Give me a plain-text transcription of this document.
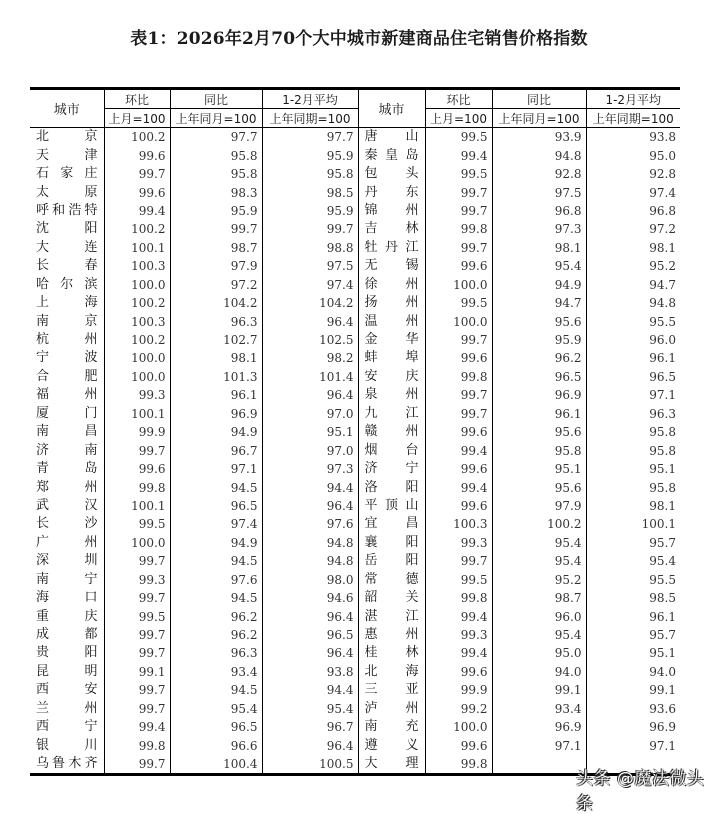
表1：2026年2月70个大中城市新建商品住宅销售价格指数
城市	环比	同比	1-2月平均	城市	环比	同比	1-2月平均
	上月=100	上年同月=100	上年同期=100		上月=100	上年同月=100	上年同期=100
北京	100.2	97.7	97.7	唐山	99.5	93.9	93.8
天津	99.6	95.8	95.9	秦皇岛	99.4	94.8	95.0
石家庄	99.7	95.8	95.8	包头	99.5	92.8	92.8
太原	99.6	98.3	98.5	丹东	99.7	97.5	97.4
呼和浩特	99.4	95.9	95.9	锦州	99.7	96.8	96.8
沈阳	100.2	99.7	99.7	吉林	99.8	97.3	97.2
大连	100.1	98.7	98.8	牡丹江	99.7	98.1	98.1
长春	100.3	97.9	97.5	无锡	99.6	95.4	95.2
哈尔滨	100.0	97.2	97.4	徐州	100.0	94.9	94.7
上海	100.2	104.2	104.2	扬州	99.5	94.7	94.8
南京	100.3	96.3	96.4	温州	100.0	95.6	95.5
杭州	100.2	102.7	102.5	金华	99.7	95.9	96.0
宁波	100.0	98.1	98.2	蚌埠	99.6	96.2	96.1
合肥	100.0	101.3	101.4	安庆	99.8	96.5	96.5
福州	99.3	96.1	96.4	泉州	99.7	96.9	97.1
厦门	100.1	96.9	97.0	九江	99.7	96.1	96.3
南昌	99.9	94.9	95.1	赣州	99.6	95.6	95.8
济南	99.7	96.7	97.0	烟台	99.4	95.8	95.8
青岛	99.6	97.1	97.3	济宁	99.6	95.1	95.1
郑州	99.8	94.5	94.4	洛阳	99.4	95.6	95.8
武汉	100.1	96.5	96.4	平顶山	99.6	97.9	98.1
长沙	99.5	97.4	97.6	宜昌	100.3	100.2	100.1
广州	100.0	94.9	94.8	襄阳	99.3	95.4	95.7
深圳	99.7	94.5	94.8	岳阳	99.7	95.4	95.4
南宁	99.3	97.6	98.0	常德	99.5	95.2	95.5
海口	99.7	94.5	94.6	韶关	99.8	98.7	98.5
重庆	99.5	96.2	96.4	湛江	99.4	96.0	96.1
成都	99.7	96.2	96.5	惠州	99.3	95.4	95.7
贵阳	99.7	96.3	96.4	桂林	99.4	95.0	95.1
昆明	99.1	93.4	93.8	北海	99.6	94.0	94.0
西安	99.7	94.5	94.4	三亚	99.9	99.1	99.1
兰州	99.7	95.4	95.4	泸州	99.2	93.4	93.6
西宁	99.4	96.5	96.7	南充	100.0	96.9	96.9
银川	99.8	96.6	96.4	遵义	99.6	97.1	97.1
乌鲁木齐	99.7	100.4	100.5	大理	99.8		
头条 @魔法微头条
